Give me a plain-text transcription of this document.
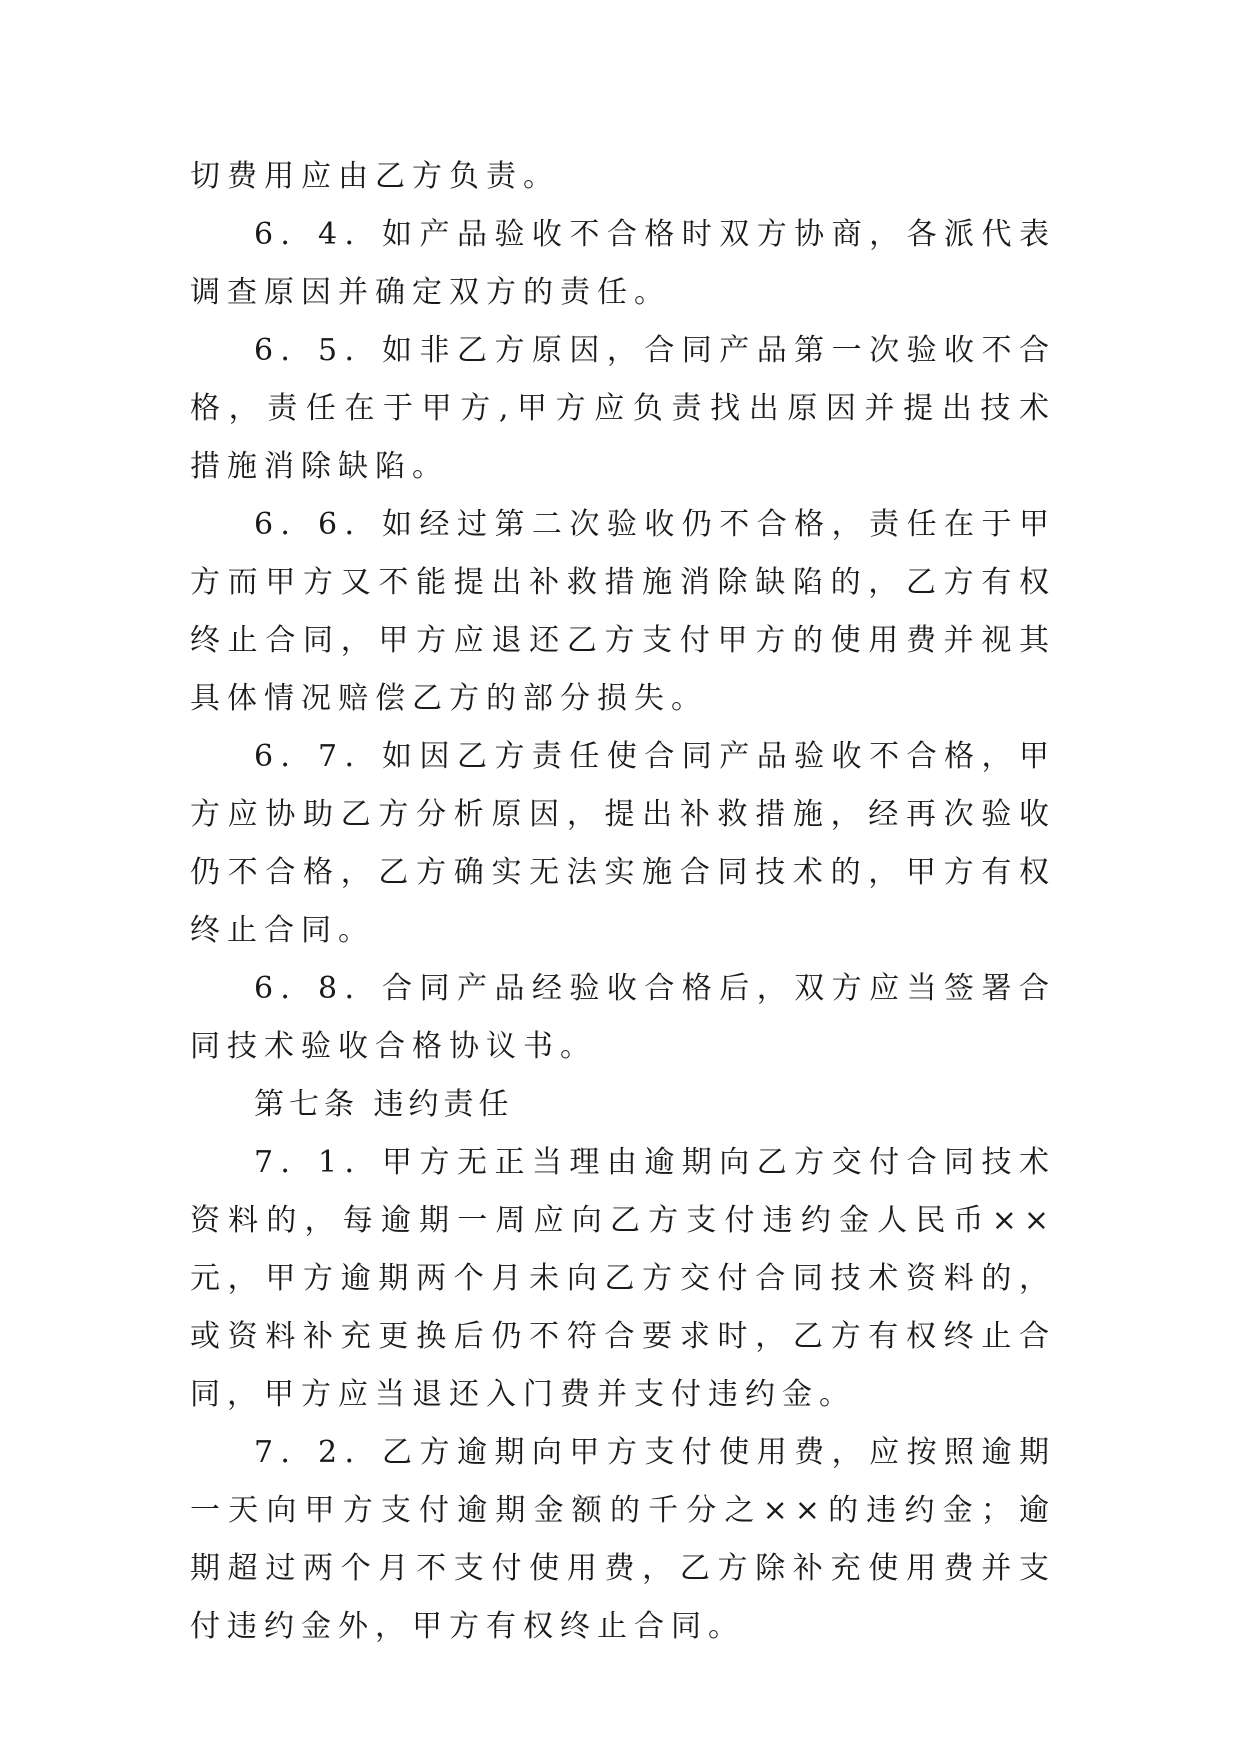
切费用应由乙方负责。

6．4．如产品验收不合格时双方协商，各派代表调查原因并确定双方的责任。

6．5．如非乙方原因，合同产品第一次验收不合格，责任在于甲方,甲方应负责找出原因并提出技术措施消除缺陷。

6．6．如经过第二次验收仍不合格，责任在于甲方而甲方又不能提出补救措施消除缺陷的，乙方有权终止合同，甲方应退还乙方支付甲方的使用费并视其具体情况赔偿乙方的部分损失。

6．7．如因乙方责任使合同产品验收不合格，甲方应协助乙方分析原因，提出补救措施，经再次验收仍不合格，乙方确实无法实施合同技术的，甲方有权终止合同。

6．8．合同产品经验收合格后，双方应当签署合同技术验收合格协议书。

第七条 违约责任

7．1．甲方无正当理由逾期向乙方交付合同技术资料的，每逾期一周应向乙方支付违约金人民币××元，甲方逾期两个月未向乙方交付合同技术资料的，或资料补充更换后仍不符合要求时，乙方有权终止合同，甲方应当退还入门费并支付违约金。

7．2．乙方逾期向甲方支付使用费，应按照逾期一天向甲方支付逾期金额的千分之××的违约金；逾期超过两个月不支付使用费，乙方除补充使用费并支付违约金外，甲方有权终止合同。
